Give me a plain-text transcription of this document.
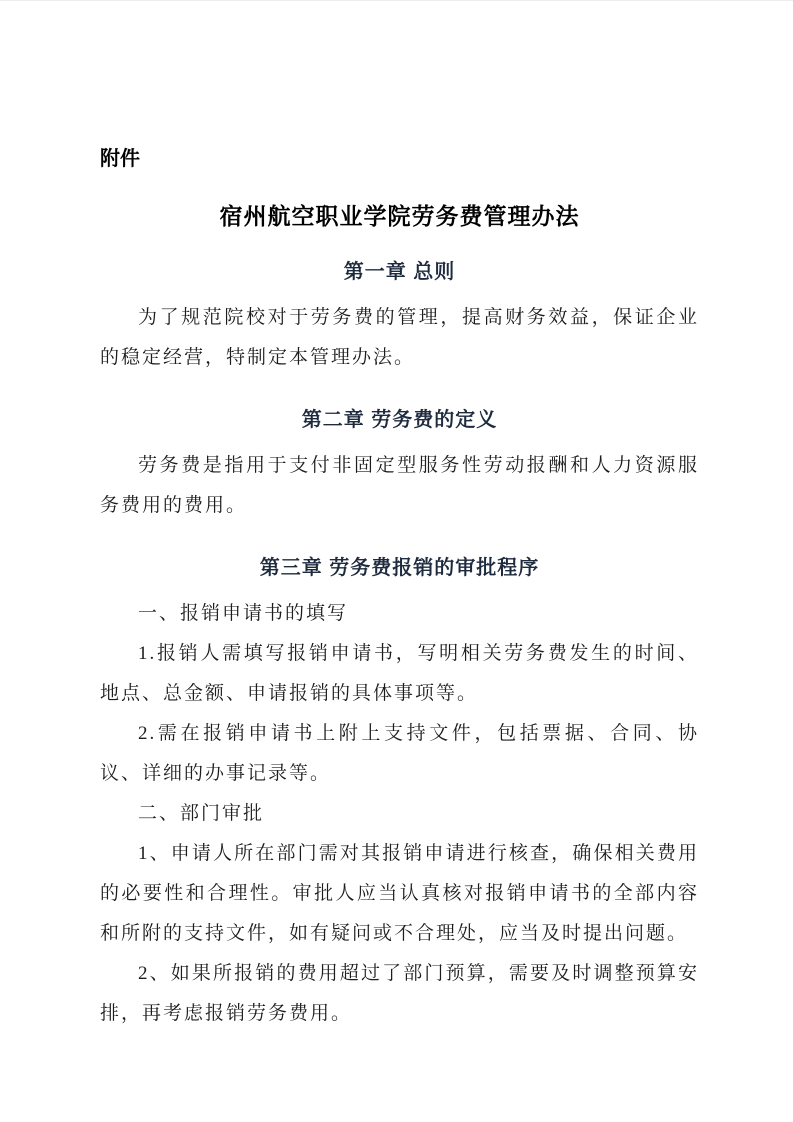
附件
宿州航空职业学院劳务费管理办法
第一章 总则

为了规范院校对于劳务费的管理，提高财务效益，保证企业的稳定经营，特制定本管理办法。

第二章 劳务费的定义

劳务费是指用于支付非固定型服务性劳动报酬和人力资源服务费用的费用。

第三章 劳务费报销的审批程序

一、报销申请书的填写

1.报销人需填写报销申请书，写明相关劳务费发生的时间、地点、总金额、申请报销的具体事项等。

2.需在报销申请书上附上支持文件，包括票据、合同、协议、详细的办事记录等。

二、部门审批

1、申请人所在部门需对其报销申请进行核查，确保相关费用的必要性和合理性。审批人应当认真核对报销申请书的全部内容和所附的支持文件，如有疑问或不合理处，应当及时提出问题。

2、如果所报销的费用超过了部门预算，需要及时调整预算安排，再考虑报销劳务费用。
